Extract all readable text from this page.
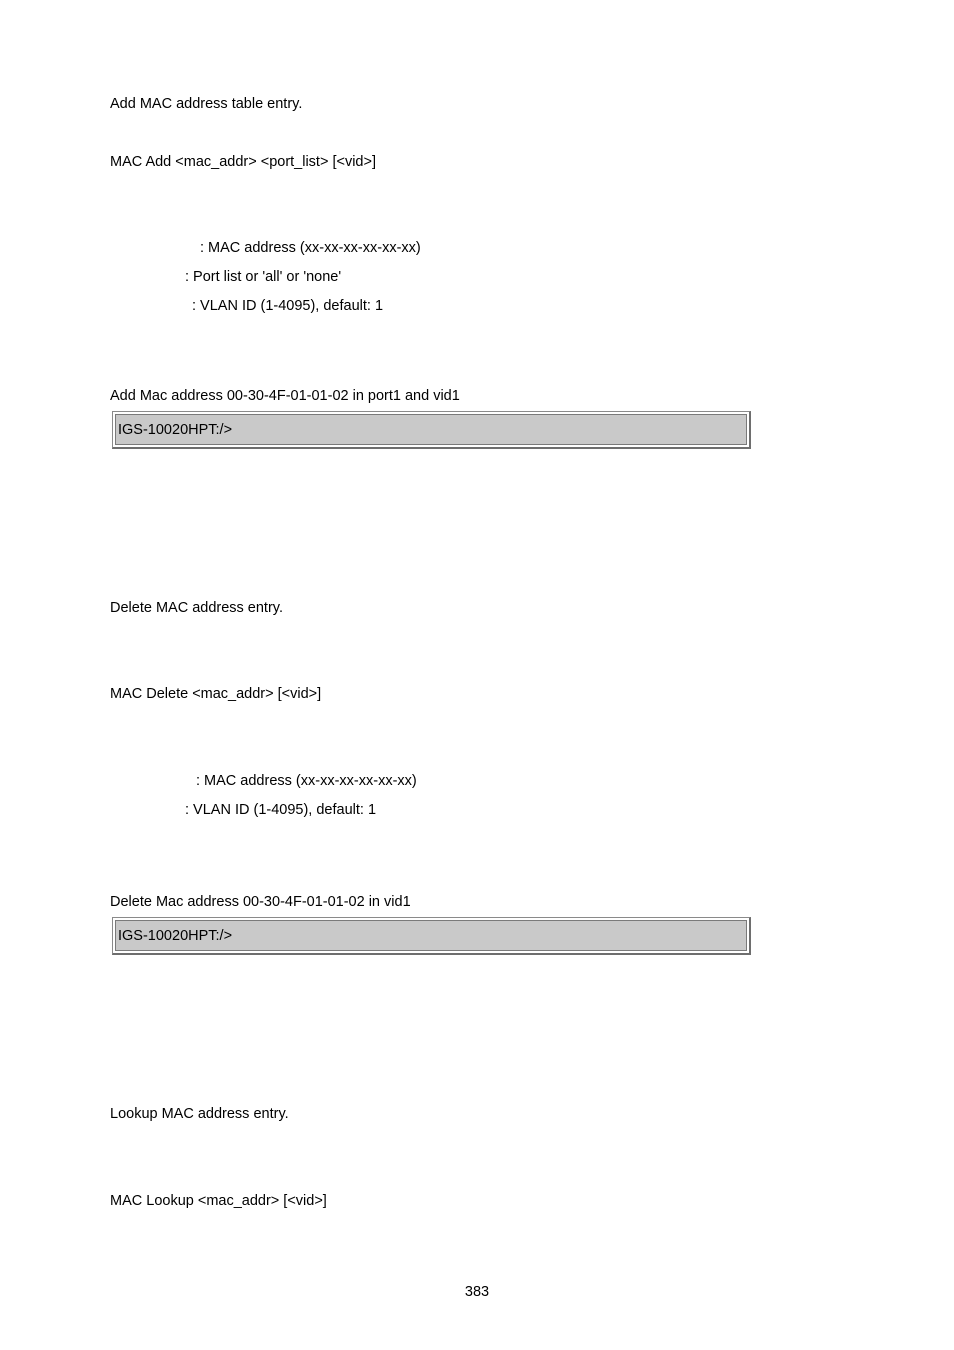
Add MAC address table entry.

MAC Add <mac_addr> <port_list> [<vid>]

: MAC address (xx-xx-xx-xx-xx-xx)

: Port list or 'all' or 'none'

: VLAN ID (1-4095), default: 1

Add Mac address 00-30-4F-01-01-02 in port1 and vid1

IGS-10020HPT:/>

Delete MAC address entry.

MAC Delete <mac_addr> [<vid>]

: MAC address (xx-xx-xx-xx-xx-xx)

: VLAN ID (1-4095), default: 1

Delete Mac address 00-30-4F-01-01-02 in vid1

IGS-10020HPT:/>

Lookup MAC address entry.

MAC Lookup <mac_addr> [<vid>]

383
